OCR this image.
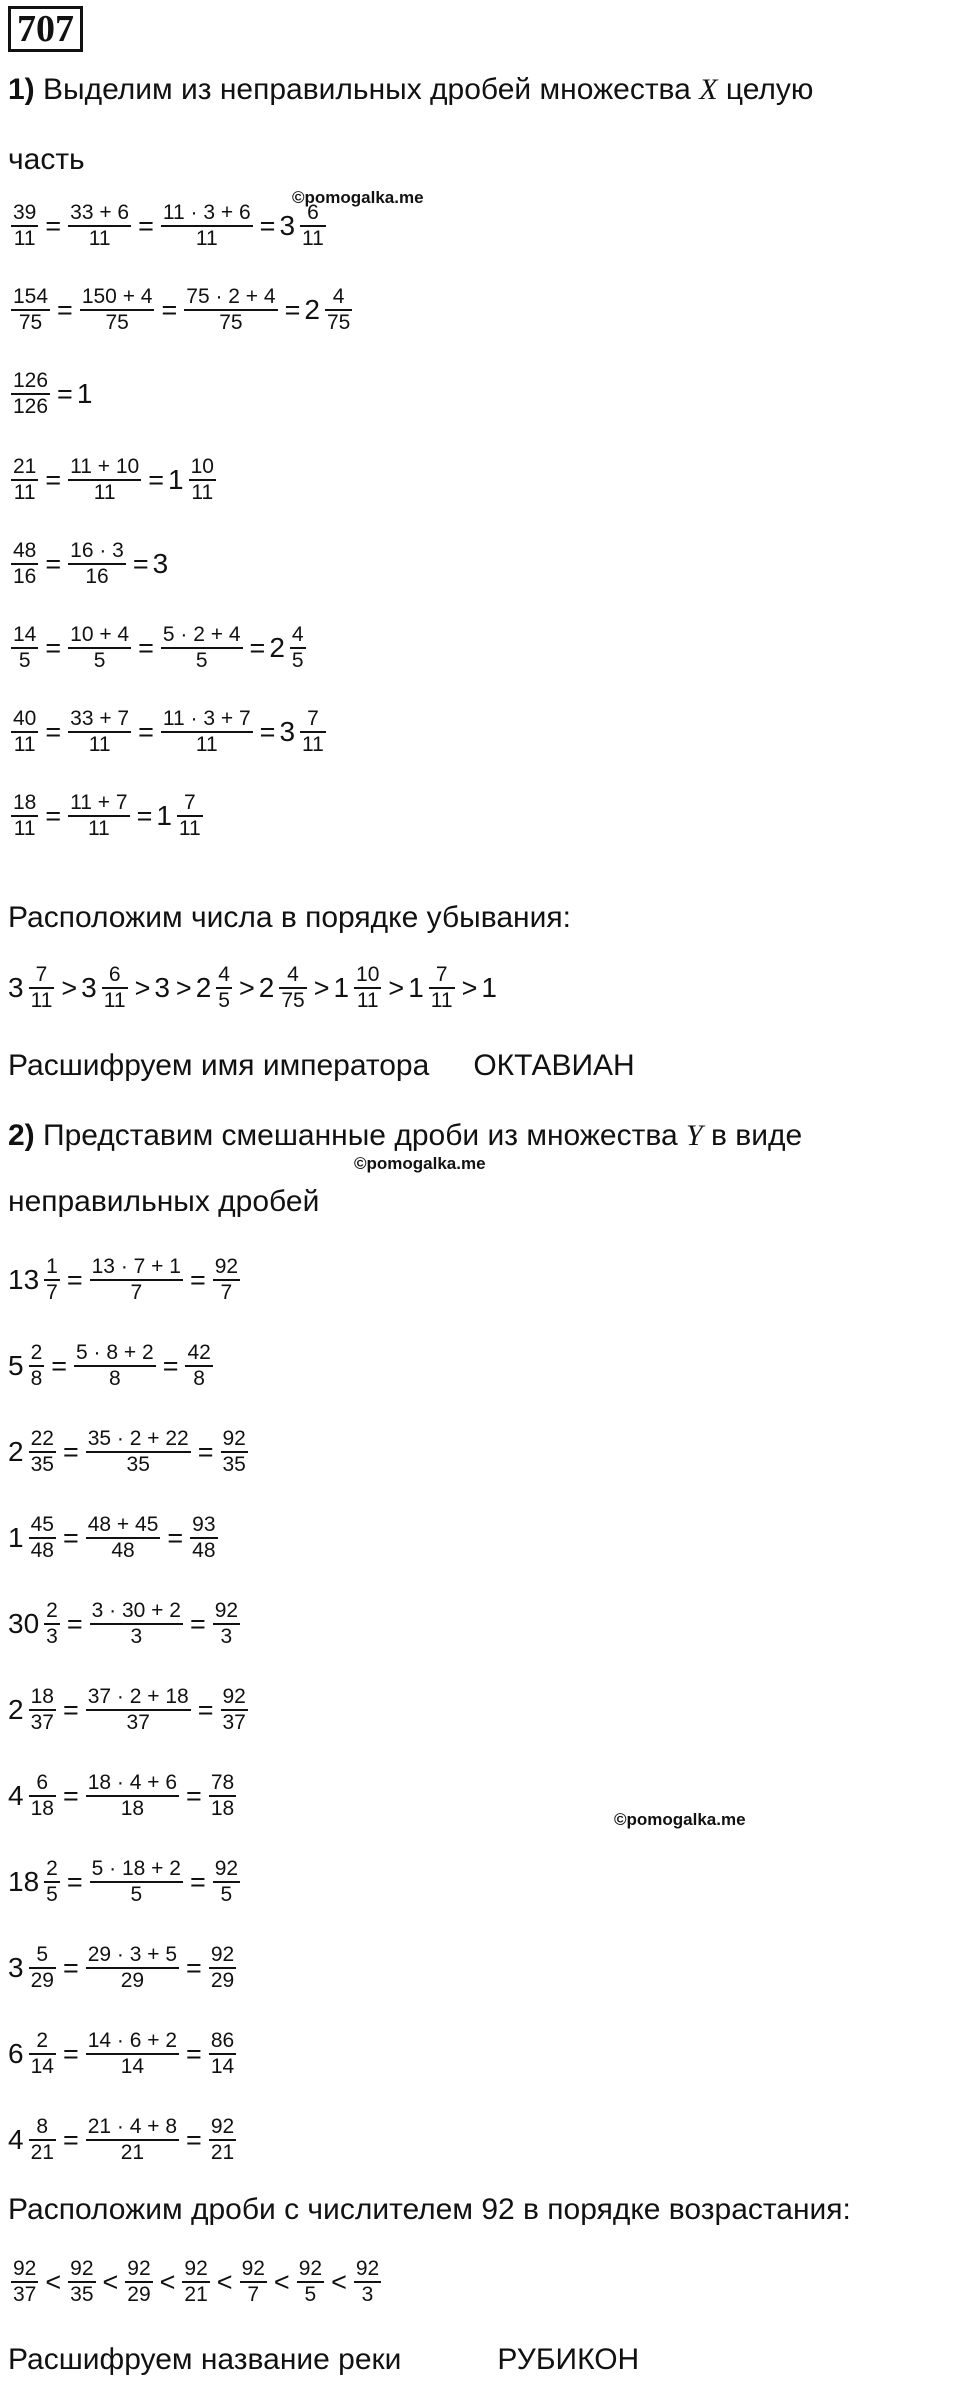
707
1) Выделим из неправильных дробей множества X целую
часть
©pomogalka.me
$\frac{39}{11} = \frac{33 + 6}{11} = \frac{11 \cdot 3 + 6}{11} = 3 \frac{6}{11}$
$\frac{154}{75} = \frac{150 + 4}{75} = \frac{75 \cdot 2 + 4}{75} = 2 \frac{4}{75}$
$\frac{126}{126} = 1$
$\frac{21}{11} = \frac{11 + 10}{11} = 1 \frac{10}{11}$
$\frac{48}{16} = \frac{16 \cdot 3}{16} = 3$
$\frac{14}{5} = \frac{10 + 4}{5} = \frac{5 \cdot 2 + 4}{5} = 2 \frac{4}{5}$
$\frac{40}{11} = \frac{33 + 7}{11} = \frac{11 \cdot 3 + 7}{11} = 3 \frac{7}{11}$
$\frac{18}{11} = \frac{11 + 7}{11} = 1 \frac{7}{11}$
Расположим числа в порядке убывания:
$3 \frac{7}{11} > 3 \frac{6}{11} > 3 > 2 \frac{4}{5} > 2 \frac{4}{75} > 1 \frac{10}{11} > 1 \frac{7}{11} > 1$
Расшифруем имя императора ОКТАВИАН
2) Представим смешанные дроби из множества Y в виде
©pomogalka.me
неправильных дробей
$13 \frac{1}{7} = \frac{13 \cdot 7 + 1}{7} = \frac{92}{7}$
$5 \frac{2}{8} = \frac{5 \cdot 8 + 2}{8} = \frac{42}{8}$
$2 \frac{22}{35} = \frac{35 \cdot 2 + 22}{35} = \frac{92}{35}$
$1 \frac{45}{48} = \frac{48 + 45}{48} = \frac{93}{48}$
$30 \frac{2}{3} = \frac{3 \cdot 30 + 2}{3} = \frac{92}{3}$
$2 \frac{18}{37} = \frac{37 \cdot 2 + 18}{37} = \frac{92}{37}$
$4 \frac{6}{18} = \frac{18 \cdot 4 + 6}{18} = \frac{78}{18}$
$18 \frac{2}{5} = \frac{5 \cdot 18 + 2}{5} = \frac{92}{5}$
$3 \frac{5}{29} = \frac{29 \cdot 3 + 5}{29} = \frac{92}{29}$
$6 \frac{2}{14} = \frac{14 \cdot 6 + 2}{14} = \frac{86}{14}$
$4 \frac{8}{21} = \frac{21 \cdot 4 + 8}{21} = \frac{92}{21}$
©pomogalka.me
Расположим дроби с числителем 92 в порядке возрастания:
$\frac{92}{37} < \frac{92}{35} < \frac{92}{29} < \frac{92}{21} < \frac{92}{7} < \frac{92}{5} < \frac{92}{3}$
Расшифруем название реки	РУБИКОН
